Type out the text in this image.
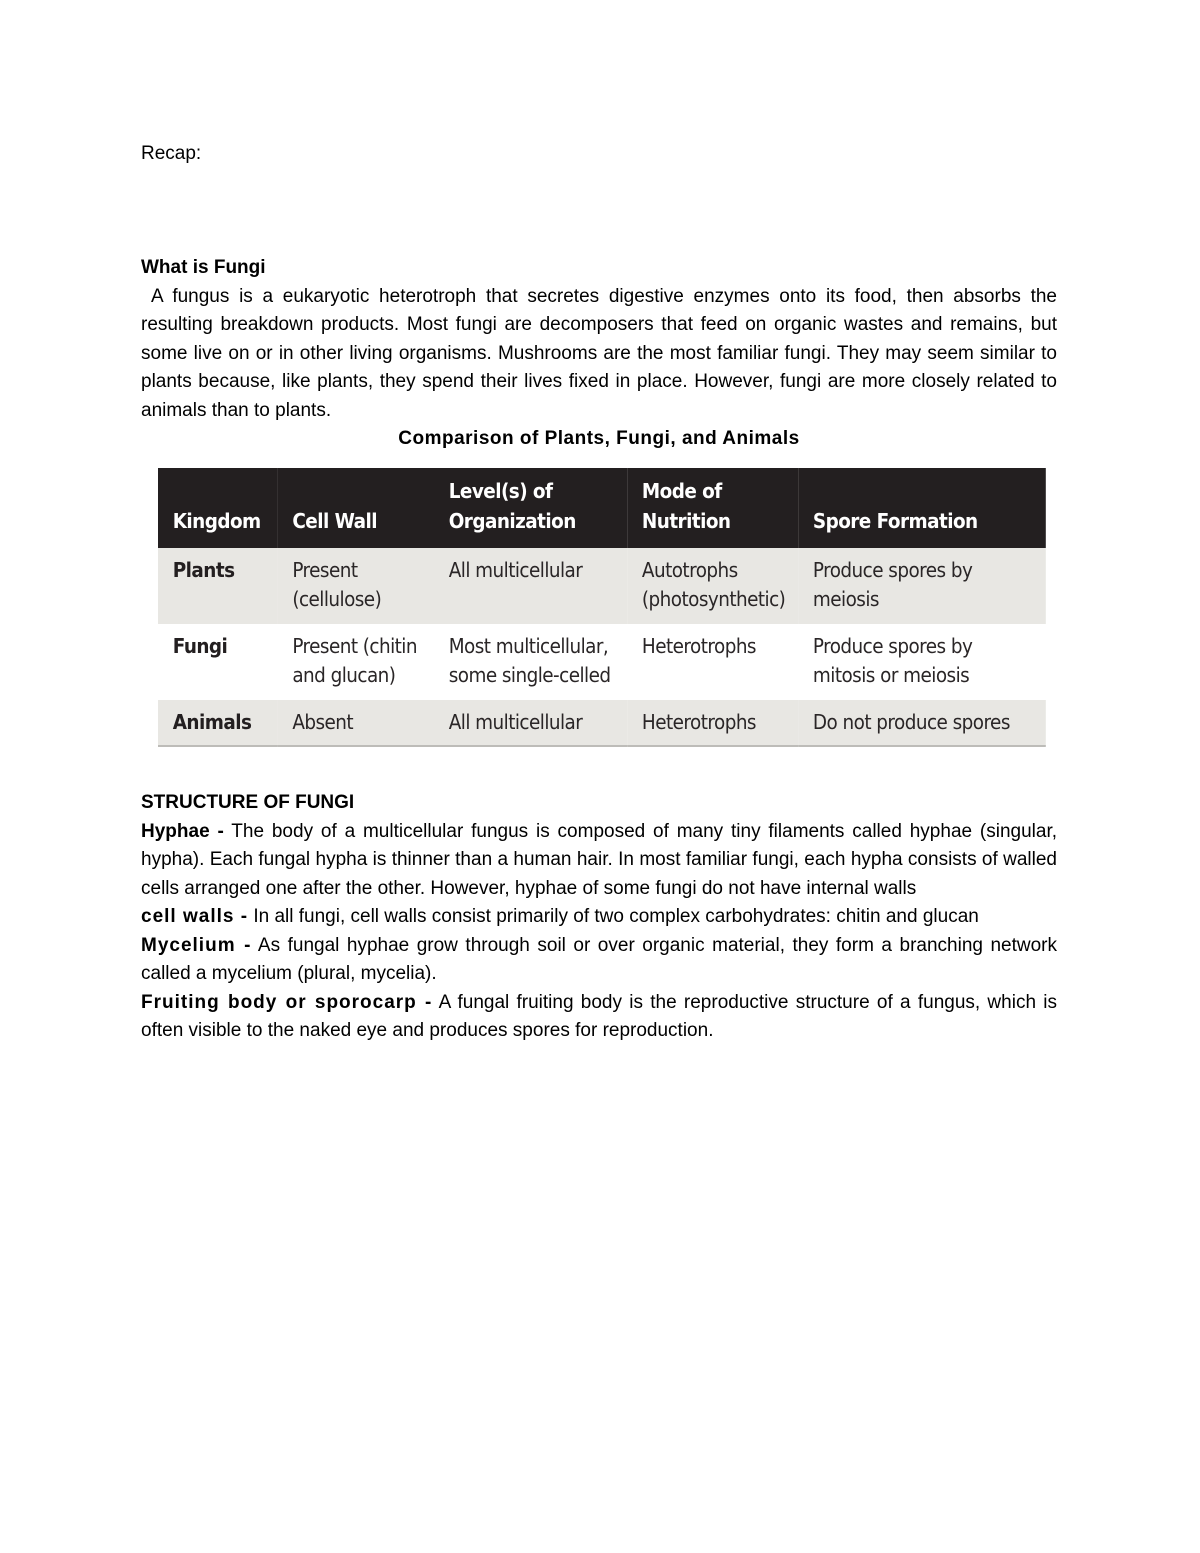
Recap:
What is Fungi
A fungus is a eukaryotic heterotroph that secretes digestive enzymes onto its food, then absorbs the resulting breakdown products. Most fungi are decomposers that feed on organic wastes and remains, but some live on or in other living organisms. Mushrooms are the most familiar fungi. They may seem similar to plants because, like plants, they spend their lives fixed in place. However, fungi are more closely related to animals than to plants.
Comparison of Plants, Fungi, and Animals
Kingdom	Cell Wall	Level(s) of Organization	Mode of Nutrition	Spore Formation
Plants	Present (cellulose)	All multicellular	Autotrophs (photosynthetic)	Produce spores by meiosis
Fungi	Present (chitin and glucan)	Most multicellular, some single-celled	Heterotrophs	Produce spores by mitosis or meiosis
Animals	Absent	All multicellular	Heterotrophs	Do not produce spores
STRUCTURE OF FUNGI
Hyphae - The body of a multicellular fungus is composed of many tiny filaments called hyphae (singular, hypha). Each fungal hypha is thinner than a human hair. In most familiar fungi, each hypha consists of walled cells arranged one after the other. However, hyphae of some fungi do not have internal walls
cell walls - In all fungi, cell walls consist primarily of two complex carbohydrates: chitin and glucan
Mycelium - As fungal hyphae grow through soil or over organic material, they form a branching network called a mycelium (plural, mycelia).
Fruiting body or sporocarp - A fungal fruiting body is the reproductive structure of a fungus, which is often visible to the naked eye and produces spores for reproduction.
